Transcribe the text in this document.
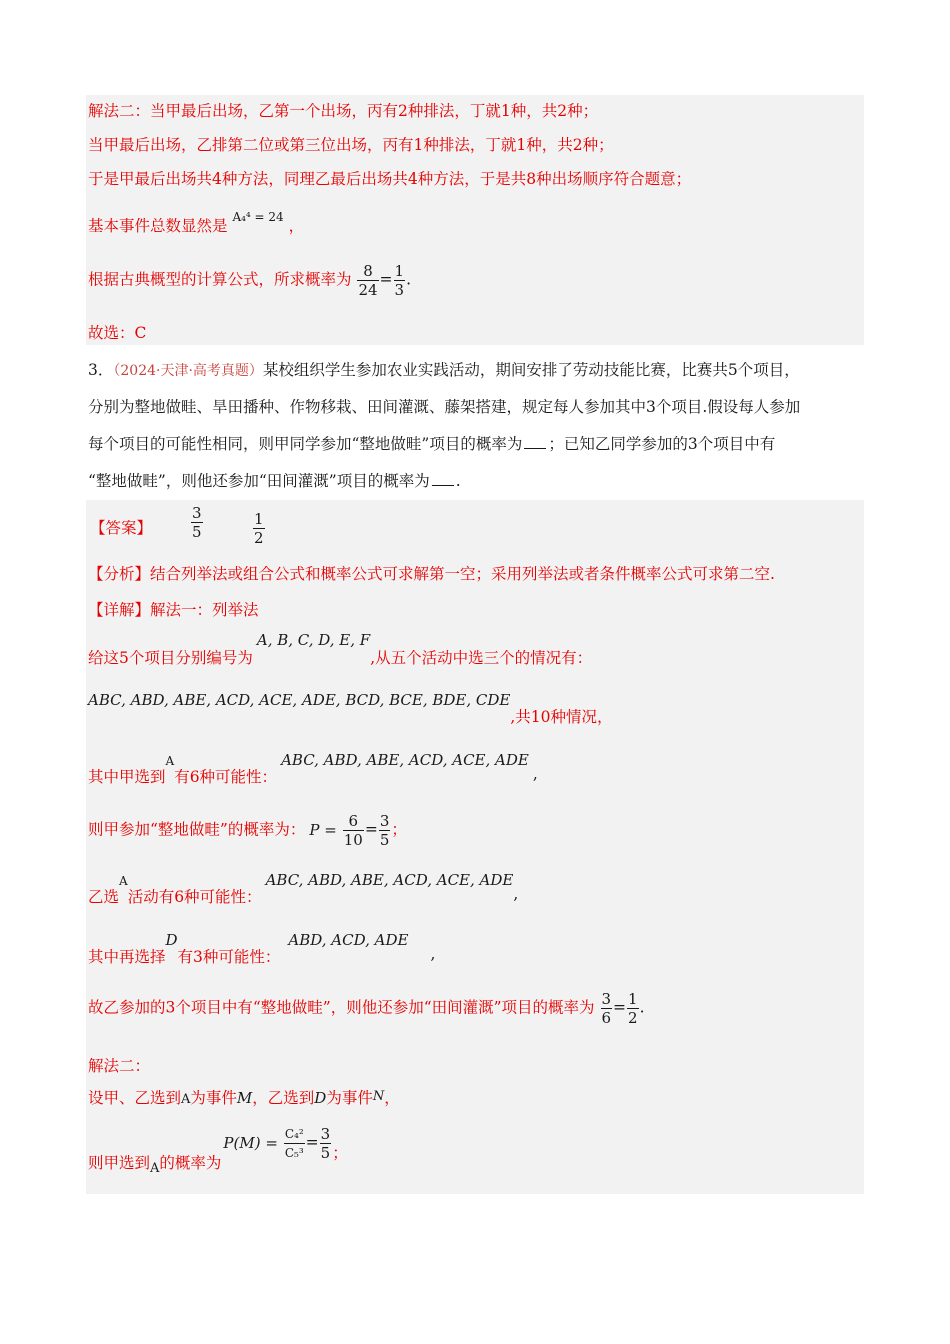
解法二：当甲最后出场，乙第一个出场，丙有2种排法，丁就1种，共2种；
当甲最后出场，乙排第二位或第三位出场，丙有1种排法，丁就1种，共2种；
于是甲最后出场共4种方法，同理乙最后出场共4种方法，于是共8种出场顺序符合题意；
基本事件总数显然是 A₄⁴ = 24 ，
根据古典概型的计算公式，所求概率为 $\frac{8}{24} = \frac{1}{3}$ .
故选：C
3．（2024·天津·高考真题）某校组织学生参加农业实践活动，期间安排了劳动技能比赛，比赛共5个项目，
分别为整地做畦、旱田播种、作物移栽、田间灌溉、藤架搭建，规定每人参加其中3个项目.假设每人参加
每个项目的可能性相同，则甲同学参加“整地做畦”项目的概率为 ；已知乙同学参加的3个项目中有
“整地做畦”，则他还参加“田间灌溉”项目的概率为 .
【答案】	$\frac{3}{5}$	$\frac{1}{2}$
【分析】结合列举法或组合公式和概率公式可求解第一空；采用列举法或者条件概率公式可求第二空.
【详解】解法一：列举法
给这5个项目分别编号为A, B, C, D, E, F,从五个活动中选三个的情况有：
ABC, ABD, ABE, ACD, ACE, ADE, BCD, BCE, BDE, CDE,共10种情况，
其中甲选到A有6种可能性：ABC, ABD, ABE, ACD, ACE, ADE,
则甲参加“整地做畦”的概率为： $P = \frac{6}{10} = \frac{3}{5}$ ；
乙选A活动有6种可能性：ABC, ABD, ABE, ACD, ACE, ADE,
其中再选择D有3种可能性：ABD, ACD, ADE,
故乙参加的3个项目中有“整地做畦”，则他还参加“田间灌溉”项目的概率为 $\frac{3}{6} = \frac{1}{2}$ .
解法二：
设甲、乙选到A为事件M，乙选到D为事件N，
则甲选到$_A$的概率为$P(M) = \frac{\text{C₄²}}{\text{C₅³}} = \frac{3}{5}$ ；
